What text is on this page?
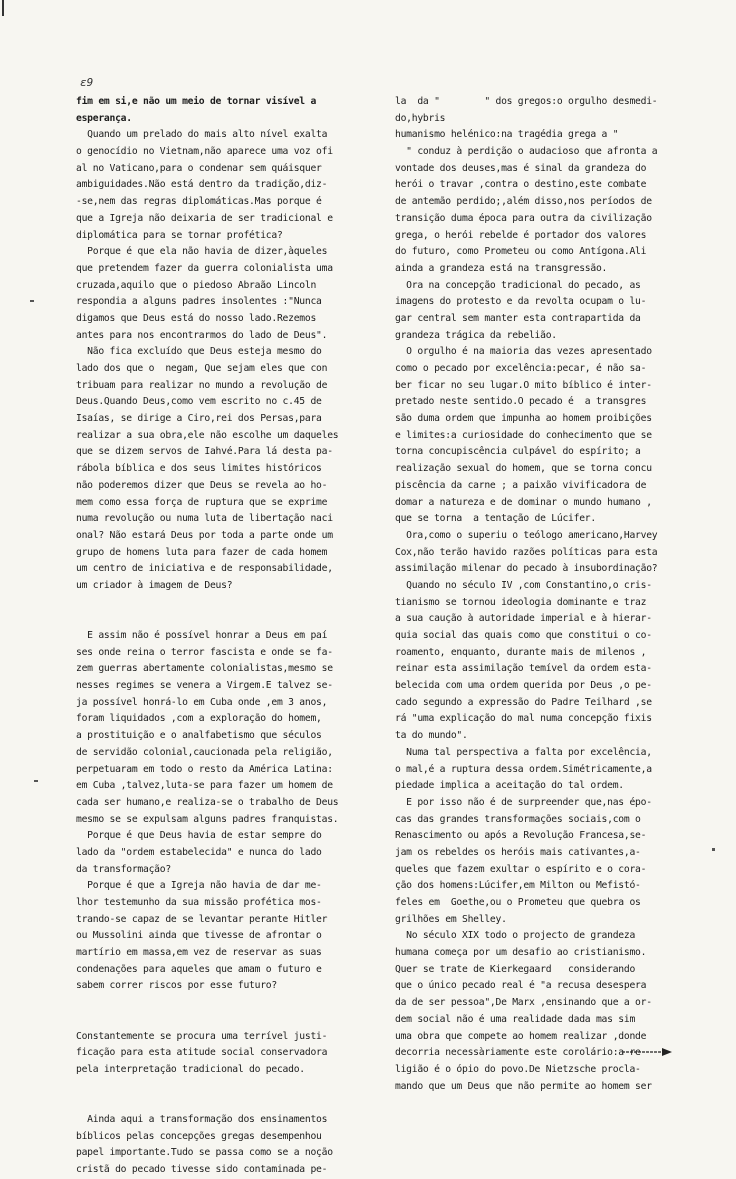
ɛ9
fim em si,e não um meio de tornar visível a
esperança.
Quando um prelado do mais alto nível exalta
o genocídio no Vietnam,não aparece uma voz ofi
al no Vaticano,para o condenar sem quáisquer
ambiguidades.Não está dentro da tradição,diz-
-se,nem das regras diplomáticas.Mas porque é
que a Igreja não deixaria de ser tradicional e
diplomática para se tornar profética?
Porque é que ela não havia de dizer,àqueles
que pretendem fazer da guerra colonialista uma
cruzada,aquilo que o piedoso Abraão Lincoln
respondia a alguns padres insolentes :"Nunca
digamos que Deus está do nosso lado.Rezemos
antes para nos encontrarmos do lado de Deus".
Não fica excluído que Deus esteja mesmo do
lado dos que o  negam, Que sejam eles que con
tribuam para realizar no mundo a revolução de
Deus.Quando Deus,como vem escrito no c.45 de
Isaías, se dirige a Ciro,rei dos Persas,para
realizar a sua obra,ele não escolhe um daqueles
que se dizem servos de Iahvé.Para lá desta pa-
rábola bíblica e dos seus limites históricos
não poderemos dizer que Deus se revela ao ho-
mem como essa força de ruptura que se exprime
numa revolução ou numa luta de libertação naci
onal? Não estará Deus por toda a parte onde um
grupo de homens luta para fazer de cada homem
um centro de iniciativa e de responsabilidade,
um criador à imagem de Deus?
E assim não é possível honrar a Deus em paí
ses onde reina o terror fascista e onde se fa-
zem guerras abertamente colonialistas,mesmo se
nesses regimes se venera a Virgem.E talvez se-
ja possível honrá-lo em Cuba onde ,em 3 anos,
foram liquidados ,com a exploração do homem,
a prostituição e o analfabetismo que séculos
de servidão colonial,caucionada pela religião,
perpetuaram em todo o resto da América Latina:
em Cuba ,talvez,luta-se para fazer um homem de
cada ser humano,e realiza-se o trabalho de Deus
mesmo se se expulsam alguns padres franquistas.
Porque é que Deus havia de estar sempre do
lado da "ordem estabelecida" e nunca do lado
da transformação?
Porque é que a Igreja não havia de dar me-
lhor testemunho da sua missão profética mos-
trando-se capaz de se levantar perante Hitler
ou Mussolini ainda que tivesse de afrontar o
martírio em massa,em vez de reservar as suas
condenações para aqueles que amam o futuro e
sabem correr riscos por esse futuro?
Constantemente se procura uma terrível justi-
ficação para esta atitude social conservadora
pela interpretação tradicional do pecado.
Ainda aqui a transformação dos ensinamentos
bíblicos pelas concepções gregas desempenhou
papel importante.Tudo se passa como se a noção
cristã do pecado tivesse sido contaminada pe-
la  da "        " dos gregos:o orgulho desmedi-
do,hybris
humanismo helénico:na tragédia grega a "
" conduz à perdição o audacioso que afronta a
vontade dos deuses,mas é sinal da grandeza do
herói o travar ,contra o destino,este combate
de antemão perdido;,além disso,nos períodos de
transição duma época para outra da civilização
grega, o herói rebelde é portador dos valores
do futuro, como Prometeu ou como Antígona.Ali
ainda a grandeza está na transgressão.
Ora na concepção tradicional do pecado, as
imagens do protesto e da revolta ocupam o lu-
gar central sem manter esta contrapartida da
grandeza trágica da rebelião.
O orgulho é na maioria das vezes apresentado
como o pecado por excelência:pecar, é não sa-
ber ficar no seu lugar.O mito bíblico é inter-
pretado neste sentido.O pecado é  a transgres
são duma ordem que impunha ao homem proibições
e limites:a curiosidade do conhecimento que se
torna concupiscência culpável do espírito; a
realização sexual do homem, que se torna concu
piscência da carne ; a paixão vivificadora de
domar a natureza e de dominar o mundo humano ,
que se torna  a tentação de Lúcifer.
Ora,como o superiu o teólogo americano,Harvey
Cox,não terão havido razões políticas para esta
assimilação milenar do pecado à insubordinação?
Quando no século IV ,com Constantino,o cris-
tianismo se tornou ideologia dominante e traz
a sua caução à autoridade imperial e à hierar-
quia social das quais como que constitui o co-
roamento, enquanto, durante mais de milenos ,
reinar esta assimilação temível da ordem esta-
belecida com uma ordem querida por Deus ,o pe-
cado segundo a expressão do Padre Teilhard ,se
rá "uma explicação do mal numa concepção fixis
ta do mundo".
Numa tal perspectiva a falta por excelência,
o mal,é a ruptura dessa ordem.Simétricamente,a
piedade implica a aceitação do tal ordem.
E por isso não é de surpreender que,nas épo-
cas das grandes transformações sociais,com o
Renascimento ou após a Revolução Francesa,se-
jam os rebeldes os heróis mais cativantes,a-
queles que fazem exultar o espírito e o cora-
ção dos homens:Lúcifer,em Milton ou Mefistó-
feles em  Goethe,ou o Prometeu que quebra os
grilhões em Shelley.
No século XIX todo o projecto de grandeza
humana começa por um desafio ao cristianismo.
Quer se trate de Kierkegaard   considerando
que o único pecado real é "a recusa desespera
da de ser pessoa",De Marx ,ensinando que a or-
dem social não é uma realidade dada mas sim
uma obra que compete ao homem realizar ,donde
decorria necessàriamente este corolário:a re-
ligião é o ópio do povo.De Nietzsche procla-
mando que um Deus que não permite ao homem ser
